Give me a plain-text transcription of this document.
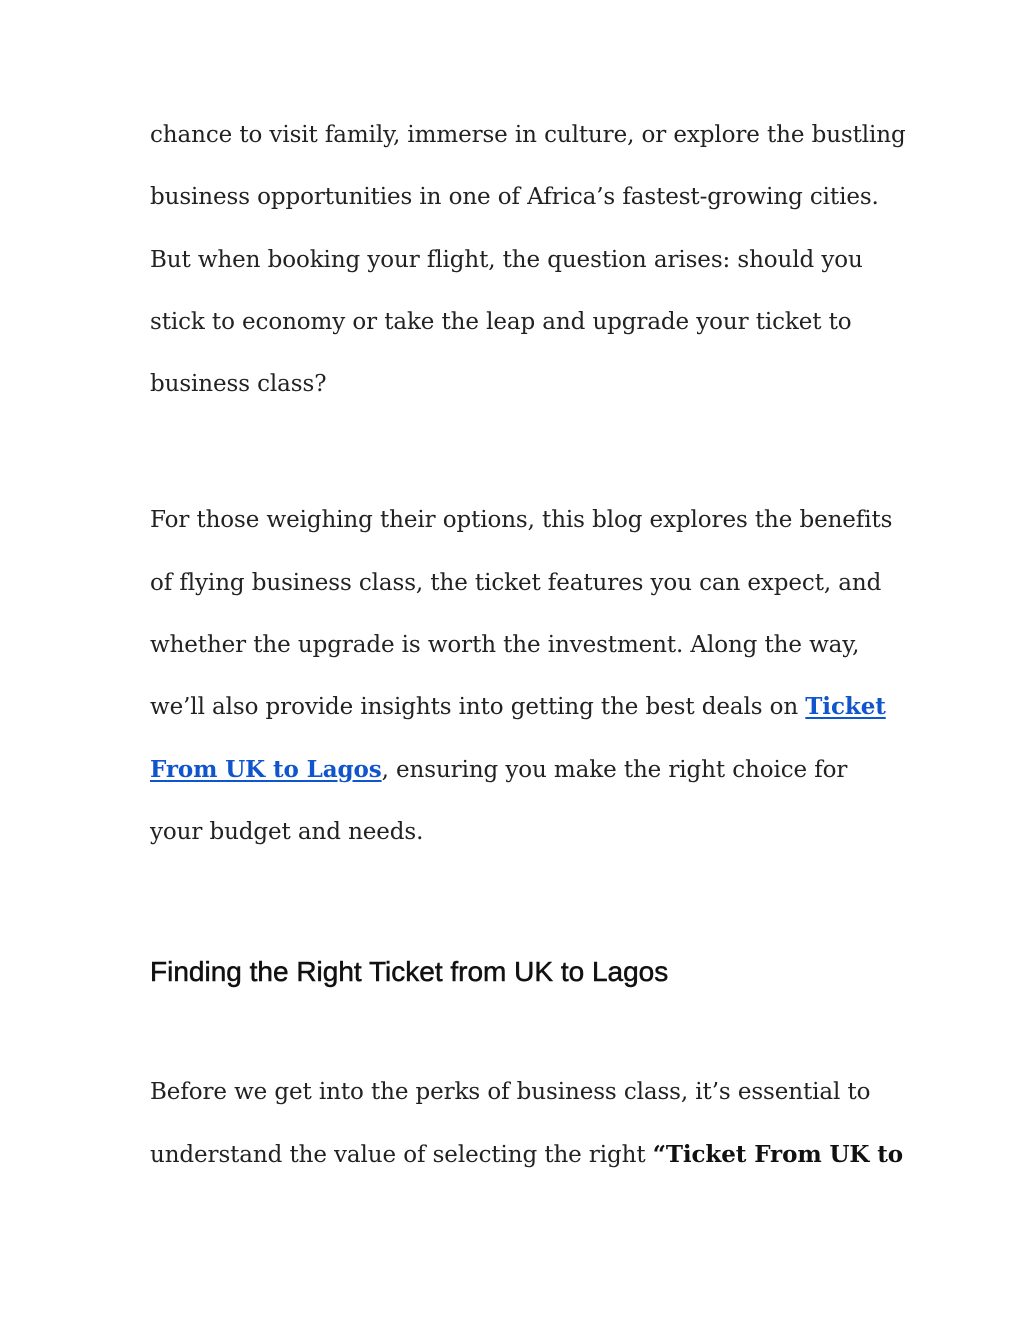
chance to visit family, immerse in culture, or explore the bustling
business opportunities in one of Africa’s fastest-growing cities.
But when booking your flight, the question arises: should you
stick to economy or take the leap and upgrade your ticket to
business class?

For those weighing their options, this blog explores the benefits
of flying business class, the ticket features you can expect, and
whether the upgrade is worth the investment. Along the way,
we’ll also provide insights into getting the best deals on Ticket
From UK to Lagos, ensuring you make the right choice for
your budget and needs.

Finding the Right Ticket from UK to Lagos

Before we get into the perks of business class, it’s essential to
understand the value of selecting the right “Ticket From UK to
